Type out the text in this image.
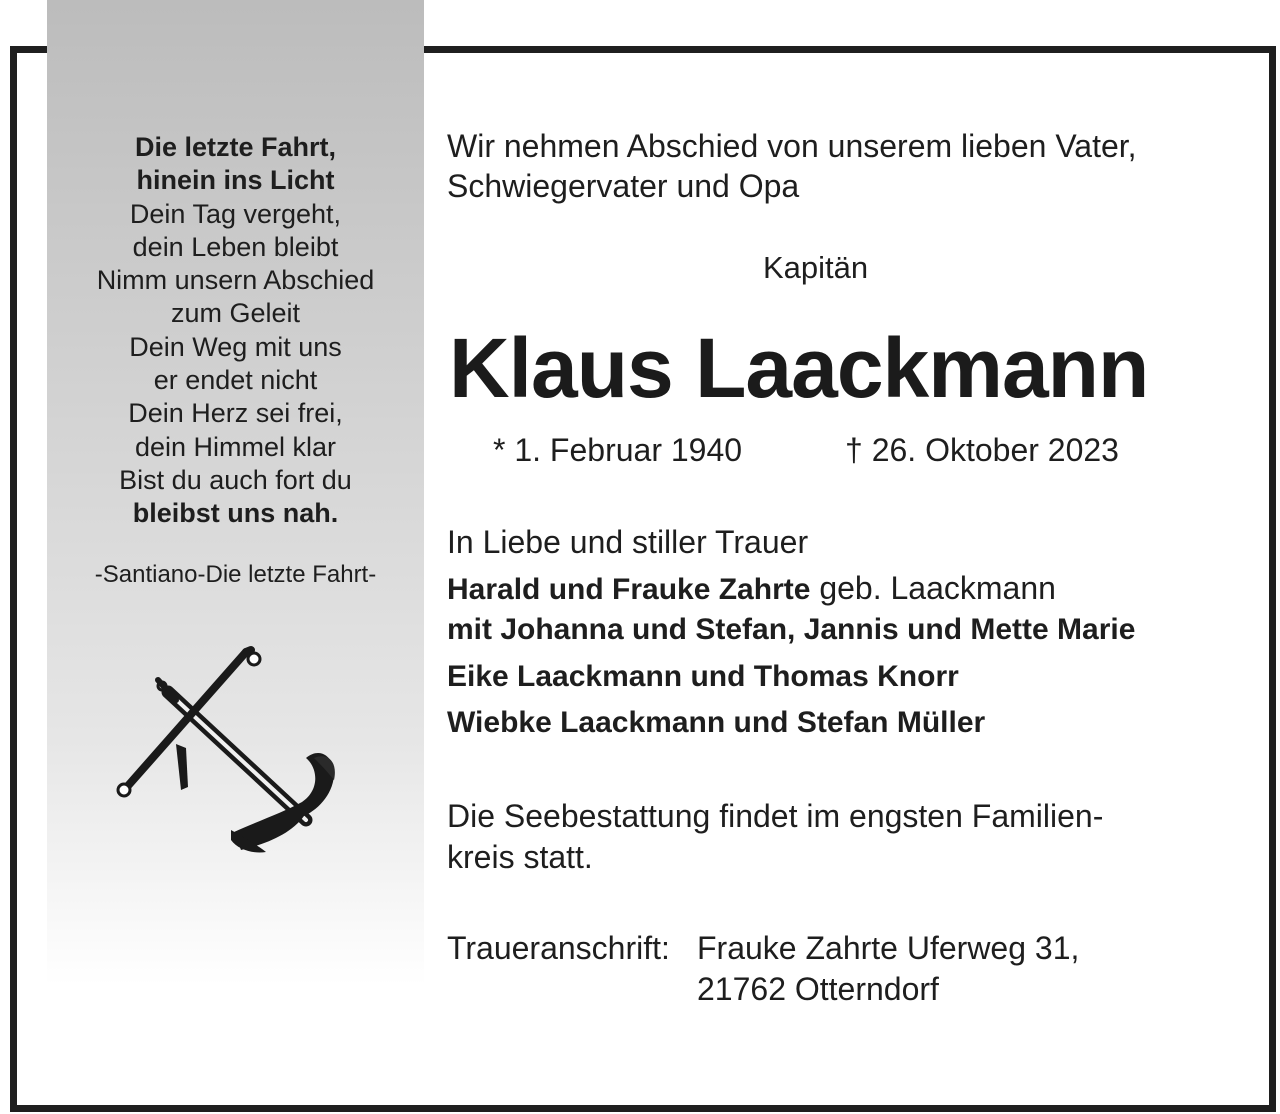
Die letzte Fahrt,
hinein ins Licht
Dein Tag vergeht,
dein Leben bleibt
Nimm unsern Abschied
zum Geleit
Dein Weg mit uns
er endet nicht
Dein Herz sei frei,
dein Himmel klar
Bist du auch fort du
bleibst uns nah.
-Santiano-Die letzte Fahrt-
Wir nehmen Abschied von unserem lieben Vater,
Schwiegervater und Opa
Kapitän
Klaus Laackmann
* 1. Februar 1940	† 26. Oktober 2023
In Liebe und stiller Trauer
Harald und Frauke Zahrte geb. Laackmann
mit Johanna und Stefan, Jannis und Mette Marie
Eike Laackmann und Thomas Knorr
Wiebke Laackmann und Stefan Müller
Die Seebestattung findet im engsten Familien-
kreis statt.
Traueranschrift: Frauke Zahrte Uferweg 31,
21762 Otterndorf
